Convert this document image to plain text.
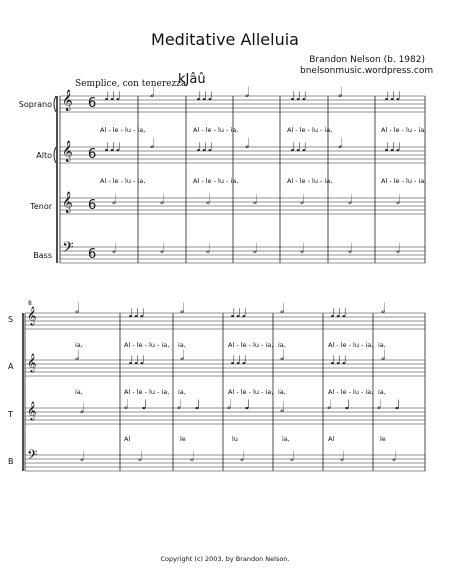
Meditative Alleluia
Brandon Nelson (b. 1982)
bnelsonmusic.wordpress.com
Semplice, con tenerezza
kJâû
Soprano
Alto
Tenor
Bass
S
A
T
B
8
𝄞
𝄞
𝄞
𝄢
6
6
6
6
♩♩♩ 𝅗𝅥	♩♩♩ 𝅗𝅥	♩♩♩ 𝅗𝅥	♩♩♩
♩♩♩ 𝅗𝅥	♩♩♩ 𝅗𝅥	♩♩♩ 𝅗𝅥	♩♩♩
𝅗𝅥	𝅗𝅥	𝅗𝅥	𝅗𝅥	𝅗𝅥	𝅗𝅥	𝅗𝅥
𝅗𝅥	𝅗𝅥	𝅗𝅥	𝅗𝅥	𝅗𝅥	𝅗𝅥	𝅗𝅥
Al - le - lu - ia,	Al - le - lu - ia,	Al - le - lu - ia,	Al - le - lu - ia,
Al - le - lu - ia,	Al - le - lu - ia,	Al - le - lu - ia,	Al - le - lu - ia,
𝄞
𝄞
𝄞
𝄢
𝅗𝅥	♩♩♩	𝅗𝅥	♩♩♩ 𝅗𝅥	♩♩♩ 𝅗𝅥
𝅗𝅥	♩♩♩	𝅗𝅥	♩♩♩ 𝅗𝅥	♩♩♩ 𝅗𝅥
𝅗𝅥	𝅗𝅥 ♩ 𝅗𝅥 ♩ 𝅗𝅥 ♩ 𝅗𝅥	𝅗𝅥 ♩ 𝅗𝅥 ♩
𝅗𝅥	𝅗𝅥	𝅗𝅥	𝅗𝅥	𝅗𝅥	𝅗𝅥	𝅗𝅥
ia,	Al - le - lu - ia, ia,	Al - le - lu - ia, ia,	Al - le - lu - ia, ia,
ia,	Al - le - lu - ia, ia,	Al - le - lu - ia, ia,	Al - le - lu - ia, ia,
Al	le	lu	ia,	Al	le
Copyright (c) 2003, by Brandon Nelson.
